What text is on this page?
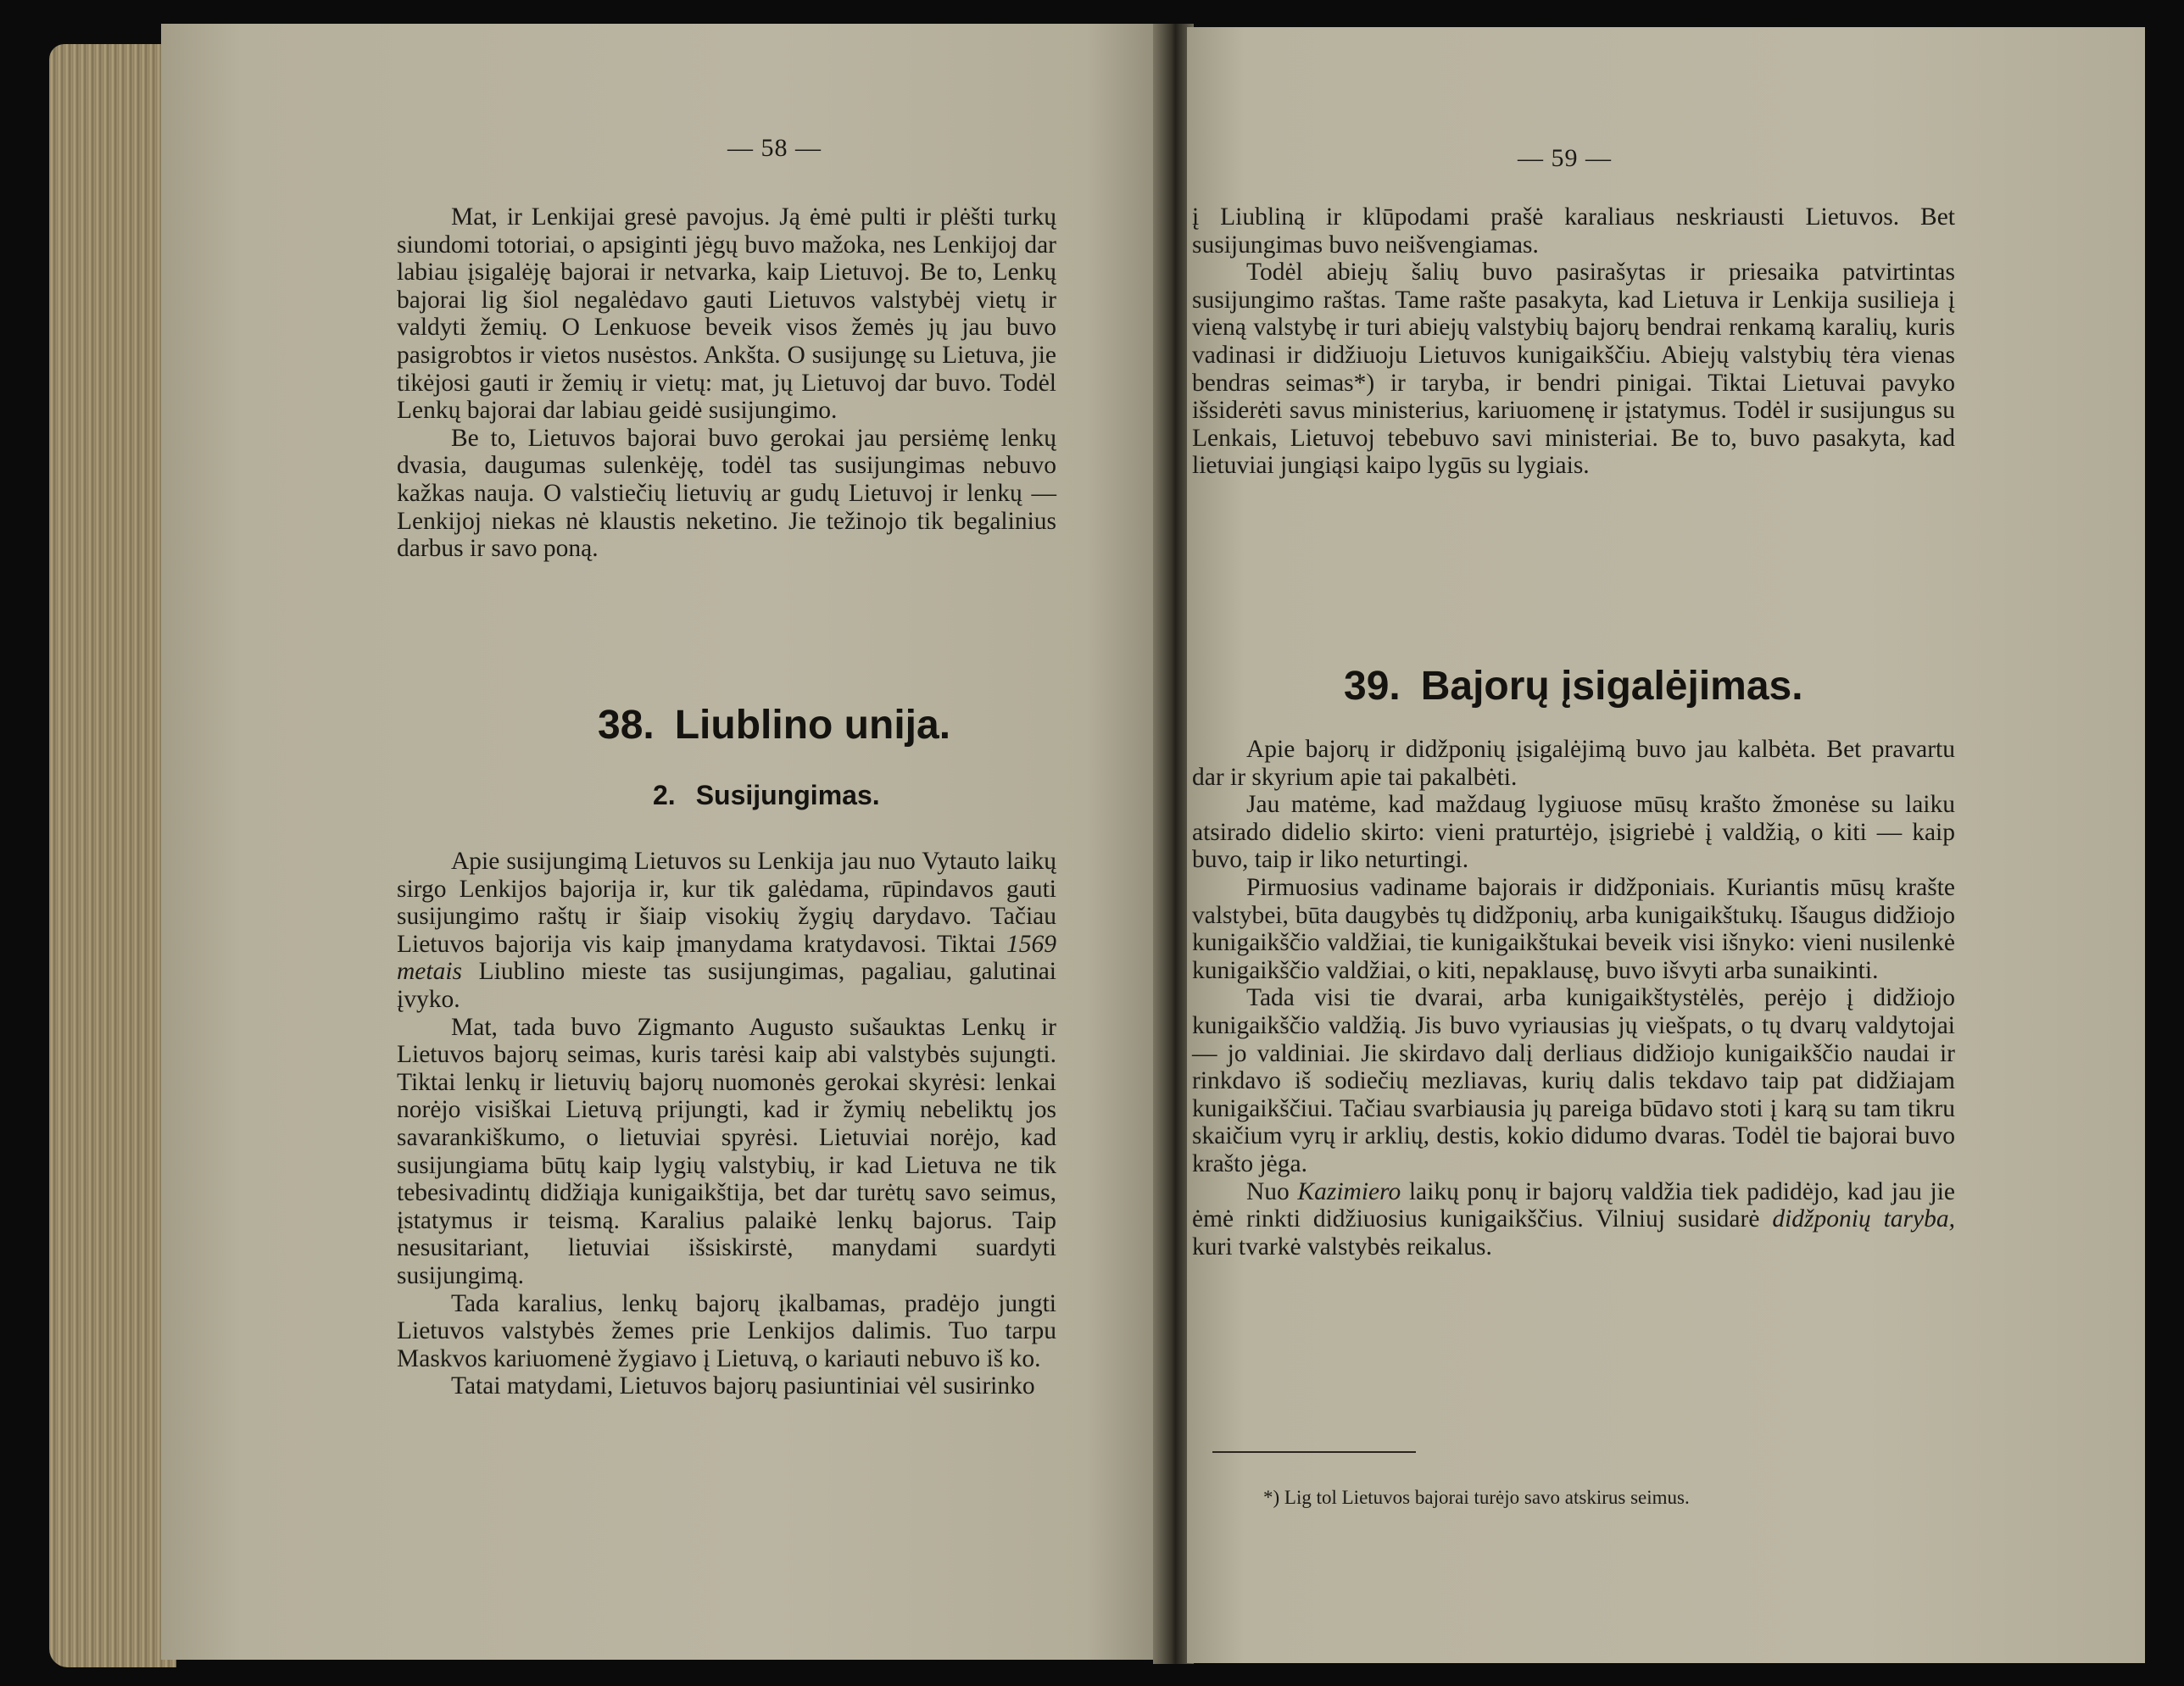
— 58 —

Mat, ir Lenkijai gresė pavojus. Ją ėmė pulti ir plėšti turkų siundomi totoriai, o apsiginti jėgų buvo mažoka, nes Lenkijoj dar labiau įsigalėję bajorai ir netvarka, kaip Lietuvoj. Be to, Lenkų bajorai lig šiol negalėdavo gauti Lietuvos valstybėj vietų ir valdyti žemių. O Lenkuose beveik visos žemės jų jau buvo pasigrobtos ir vietos nusėstos. Ankšta. O susijungę su Lietuva, jie tikėjosi gauti ir žemių ir vietų: mat, jų Lietuvoj dar buvo. Todėl Lenkų bajorai dar labiau geidė susijungimo.

Be to, Lietuvos bajorai buvo gerokai jau persiėmę lenkų dvasia, daugumas sulenkėję, todėl tas susijungimas nebuvo kažkas nauja. O valstiečių lietuvių ar gudų Lietuvoj ir lenkų — Lenkijoj niekas nė klaustis neketino. Jie težinojo tik begalinius darbus ir savo poną.

38. Liublino unija.
2. Susijungimas.

Apie susijungimą Lietuvos su Lenkija jau nuo Vytauto laikų sirgo Lenkijos bajorija ir, kur tik galėdama, rūpindavos gauti susijungimo raštų ir šiaip visokių žygių darydavo. Tačiau Lietuvos bajorija vis kaip įmanydama kratydavosi. Tiktai 1569 metais Liublino mieste tas susijungimas, pagaliau, galutinai įvyko.

Mat, tada buvo Zigmanto Augusto sušauktas Lenkų ir Lietuvos bajorų seimas, kuris tarėsi kaip abi valstybės sujungti. Tiktai lenkų ir lietuvių bajorų nuomonės gerokai skyrėsi: lenkai norėjo visiškai Lietuvą prijungti, kad ir žymių nebeliktų jos savarankiškumo, o lietuviai spyrėsi. Lietuviai norėjo, kad susijungiama būtų kaip lygių valstybių, ir kad Lietuva ne tik tebesivadintų didžiąja kunigaikštija, bet dar turėtų savo seimus, įstatymus ir teismą. Karalius palaikė lenkų bajorus. Taip nesusitariant, lietuviai išsiskirstė, manydami suardyti susijungimą.

Tada karalius, lenkų bajorų įkalbamas, pradėjo jungti Lietuvos valstybės žemes prie Lenkijos dalimis. Tuo tarpu Maskvos kariuomenė žygiavo į Lietuvą, o kariauti nebuvo iš ko.

Tatai matydami, Lietuvos bajorų pasiuntiniai vėl susirinko

— 59 —

į Liubliną ir klūpodami prašė karaliaus neskriausti Lietuvos. Bet susijungimas buvo neišvengiamas.

Todėl abiejų šalių buvo pasirašytas ir priesaika patvirtintas susijungimo raštas. Tame rašte pasakyta, kad Lietuva ir Lenkija susilieja į vieną valstybę ir turi abiejų valstybių bajorų bendrai renkamą karalių, kuris vadinasi ir didžiuoju Lietuvos kunigaikščiu. Abiejų valstybių tėra vienas bendras seimas*) ir taryba, ir bendri pinigai. Tiktai Lietuvai pavyko išsiderėti savus ministerius, kariuomenę ir įstatymus. Todėl ir susijungus su Lenkais, Lietuvoj tebebuvo savi ministeriai. Be to, buvo pasakyta, kad lietuviai jungiąsi kaipo lygūs su lygiais.

39. Bajorų įsigalėjimas.

Apie bajorų ir didžponių įsigalėjimą buvo jau kalbėta. Bet pravartu dar ir skyrium apie tai pakalbėti.

Jau matėme, kad maždaug lygiuose mūsų krašto žmonėse su laiku atsirado didelio skirto: vieni praturtėjo, įsigriebė į valdžią, o kiti — kaip buvo, taip ir liko neturtingi.

Pirmuosius vadiname bajorais ir didžponiais. Kuriantis mūsų krašte valstybei, būta daugybės tų didžponių, arba kunigaikštukų. Išaugus didžiojo kunigaikščio valdžiai, tie kunigaikštukai beveik visi išnyko: vieni nusilenkė kunigaikščio valdžiai, o kiti, nepaklausę, buvo išvyti arba sunaikinti.

Tada visi tie dvarai, arba kunigaikštystėlės, perėjo į didžiojo kunigaikščio valdžią. Jis buvo vyriausias jų viešpats, o tų dvarų valdytojai — jo valdiniai. Jie skirdavo dalį derliaus didžiojo kunigaikščio naudai ir rinkdavo iš sodiečių mezliavas, kurių dalis tekdavo taip pat didžiajam kunigaikščiui. Tačiau svarbiausia jų pareiga būdavo stoti į karą su tam tikru skaičium vyrų ir arklių, destis, kokio didumo dvaras. Todėl tie bajorai buvo krašto jėga.

Nuo Kazimiero laikų ponų ir bajorų valdžia tiek padidėjo, kad jau jie ėmė rinkti didžiuosius kunigaikščius. Vilniuj susidarė didžponių taryba, kuri tvarkė valstybės reikalus.

*) Lig tol Lietuvos bajorai turėjo savo atskirus seimus.
